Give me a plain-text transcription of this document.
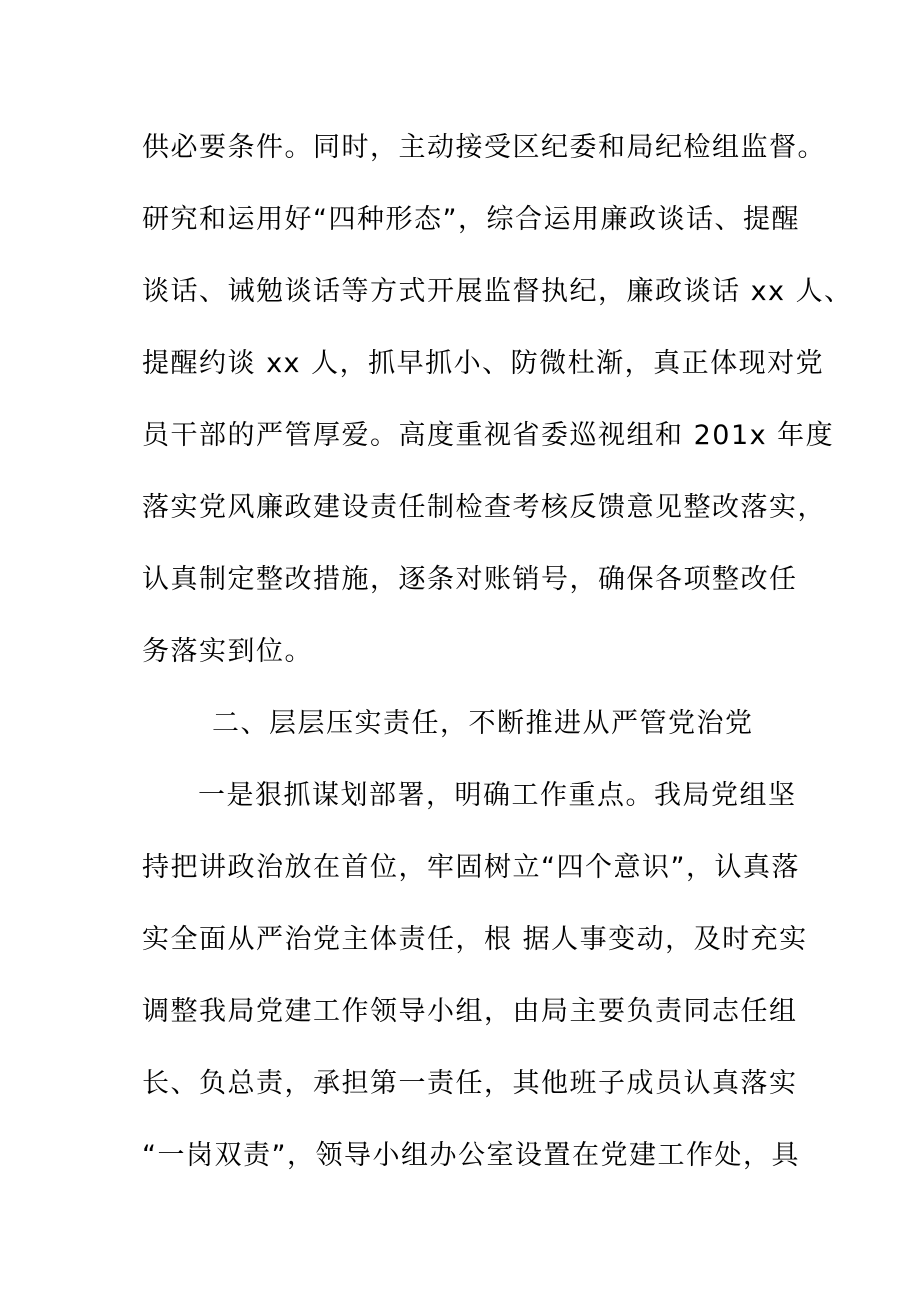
供必要条件。同时，主动接受区纪委和局纪检组监督。
研究和运用好“四种形态”，综合运用廉政谈话、提醒
谈话、诫勉谈话等方式开展监督执纪，廉政谈话 xx 人、
提醒约谈 xx 人，抓早抓小、防微杜渐，真正体现对党
员干部的严管厚爱。高度重视省委巡视组和 201x 年度
落实党风廉政建设责任制检查考核反馈意见整改落实，
认真制定整改措施，逐条对账销号，确保各项整改任
务落实到位。
二、层层压实责任，不断推进从严管党治党
一是狠抓谋划部署，明确工作重点。我局党组坚
持把讲政治放在首位，牢固树立“四个意识”，认真落
实全面从严治党主体责任，根 据人事变动，及时充实
调整我局党建工作领导小组，由局主要负责同志任组
长、负总责，承担第一责任，其他班子成员认真落实
“一岗双责”，领导小组办公室设置在党建工作处，具
